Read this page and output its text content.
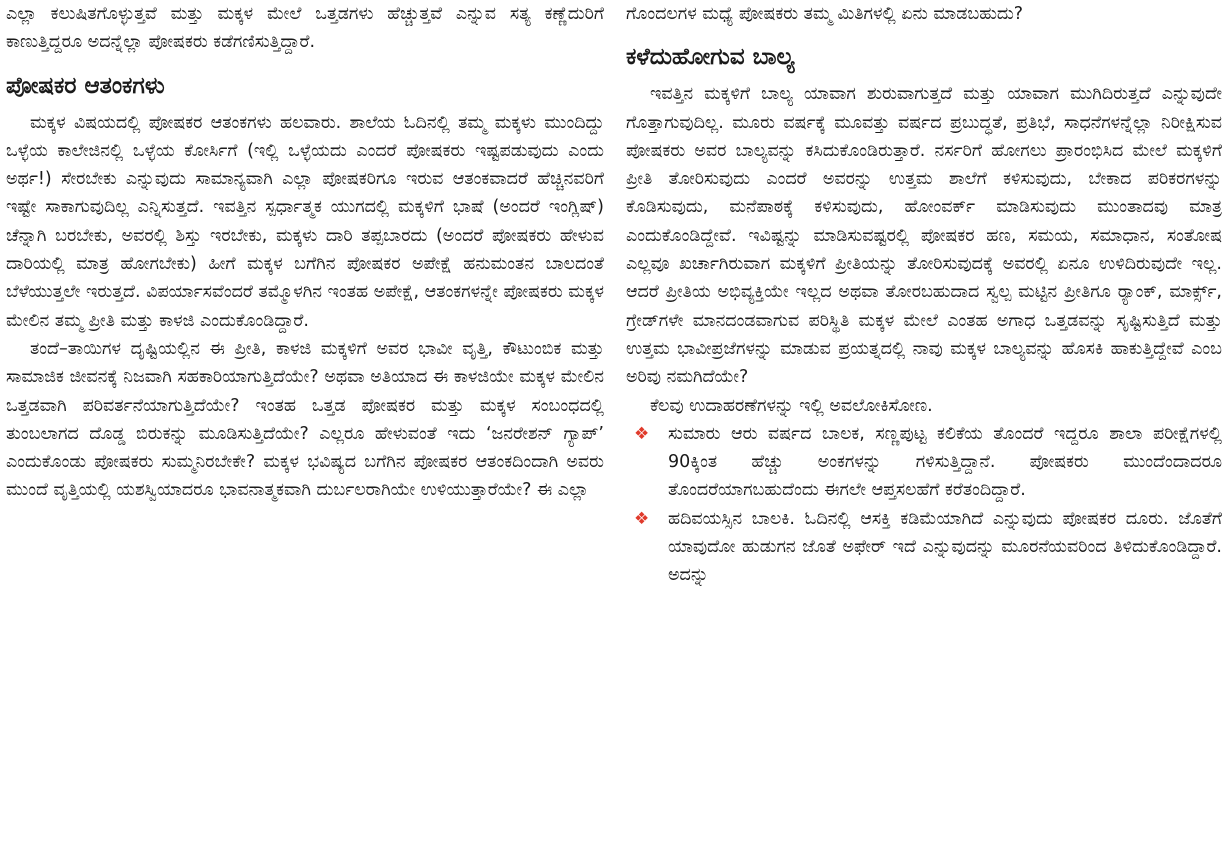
ಎಲ್ಲಾ ಕಲುಷಿತಗೊಳ್ಳುತ್ತವೆ ಮತ್ತು ಮಕ್ಕಳ ಮೇಲೆ ಒತ್ತಡಗಳು ಹೆಚ್ಚುತ್ತವೆ ಎನ್ನುವ ಸತ್ಯ ಕಣ್ಣೆದುರಿಗೆ ಕಾಣುತ್ತಿದ್ದರೂ ಅದನ್ನೆಲ್ಲಾ ಪೋಷಕರು ಕಡೆಗಣಿಸುತ್ತಿದ್ದಾರೆ.

ಪೋಷಕರ ಆತಂಕಗಳು

ಮಕ್ಕಳ ವಿಷಯದಲ್ಲಿ ಪೋಷಕರ ಆತಂಕಗಳು ಹಲವಾರು. ಶಾಲೆಯ ಓದಿನಲ್ಲಿ ತಮ್ಮ ಮಕ್ಕಳು ಮುಂದಿದ್ದು ಒಳ್ಳೆಯ ಕಾಲೇಜಿನಲ್ಲಿ ಒಳ್ಳೆಯ ಕೋರ್ಸಿಗೆ (ಇಲ್ಲಿ ಒಳ್ಳೆಯದು ಎಂದರೆ ಪೋಷಕರು ಇಷ್ಟಪಡುವುದು ಎಂದು ಅರ್ಥ!) ಸೇರಬೇಕು ಎನ್ನುವುದು ಸಾಮಾನ್ಯವಾಗಿ ಎಲ್ಲಾ ಪೋಷಕರಿಗೂ ಇರುವ ಆತಂಕವಾದರೆ ಹೆಚ್ಚಿನವರಿಗೆ ಇಷ್ಟೇ ಸಾಕಾಗುವುದಿಲ್ಲ ಎನ್ನಿಸುತ್ತದೆ. ಇವತ್ತಿನ ಸ್ಪರ್ಧಾತ್ಮಕ ಯುಗದಲ್ಲಿ ಮಕ್ಕಳಿಗೆ ಭಾಷೆ (ಅಂದರೆ ಇಂಗ್ಲಿಷ್) ಚೆನ್ನಾಗಿ ಬರಬೇಕು, ಅವರಲ್ಲಿ ಶಿಸ್ತು ಇರಬೇಕು, ಮಕ್ಕಳು ದಾರಿ ತಪ್ಪಬಾರದು (ಅಂದರೆ ಪೋಷಕರು ಹೇಳುವ ದಾರಿಯಲ್ಲಿ ಮಾತ್ರ ಹೋಗಬೇಕು) ಹೀಗೆ ಮಕ್ಕಳ ಬಗೆಗಿನ ಪೋಷಕರ ಅಪೇಕ್ಷೆ ಹನುಮಂತನ ಬಾಲದಂತೆ ಬೆಳೆಯುತ್ತಲೇ ಇರುತ್ತದೆ. ವಿಪರ್ಯಾಸವೆಂದರೆ ತಮ್ಮೊಳಗಿನ ಇಂತಹ ಅಪೇಕ್ಷೆ, ಆತಂಕಗಳನ್ನೇ ಪೋಷಕರು ಮಕ್ಕಳ ಮೇಲಿನ ತಮ್ಮ ಪ್ರೀತಿ ಮತ್ತು ಕಾಳಜಿ ಎಂದುಕೊಂಡಿದ್ದಾರೆ.

ತಂದೆ–ತಾಯಿಗಳ ದೃಷ್ಟಿಯಲ್ಲಿನ ಈ ಪ್ರೀತಿ, ಕಾಳಜಿ ಮಕ್ಕಳಿಗೆ ಅವರ ಭಾವೀ ವೃತ್ತಿ, ಕೌಟುಂಬಿಕ ಮತ್ತು ಸಾಮಾಜಿಕ ಜೀವನಕ್ಕೆ ನಿಜವಾಗಿ ಸಹಕಾರಿಯಾಗುತ್ತಿದೆಯೇ? ಅಥವಾ ಅತಿಯಾದ ಈ ಕಾಳಜಿಯೇ ಮಕ್ಕಳ ಮೇಲಿನ ಒತ್ತಡವಾಗಿ ಪರಿವರ್ತನೆಯಾಗುತ್ತಿದೆಯೇ? ಇಂತಹ ಒತ್ತಡ ಪೋಷಕರ ಮತ್ತು ಮಕ್ಕಳ ಸಂಬಂಧದಲ್ಲಿ ತುಂಬಲಾಗದ ದೊಡ್ಡ ಬಿರುಕನ್ನು ಮೂಡಿಸುತ್ತಿದೆಯೇ? ಎಲ್ಲರೂ ಹೇಳುವಂತೆ ಇದು ‘ಜನರೇಶನ್ ಗ್ಯಾಪ್’ ಎಂದುಕೊಂಡು ಪೋಷಕರು ಸುಮ್ಮನಿರಬೇಕೇ? ಮಕ್ಕಳ ಭವಿಷ್ಯದ ಬಗೆಗಿನ ಪೋಷಕರ ಆತಂಕದಿಂದಾಗಿ ಅವರು ಮುಂದೆ ವೃತ್ತಿಯಲ್ಲಿ ಯಶಸ್ವಿಯಾದರೂ ಭಾವನಾತ್ಮಕವಾಗಿ ದುರ್ಬಲರಾಗಿಯೇ ಉಳಿಯುತ್ತಾರೆಯೇ? ಈ ಎಲ್ಲಾ

ಗೊಂದಲಗಳ ಮಧ್ಯೆ ಪೋಷಕರು ತಮ್ಮ ಮಿತಿಗಳಲ್ಲಿ ಏನು ಮಾಡಬಹುದು?

ಕಳೆದುಹೋಗುವ ಬಾಲ್ಯ

ಇವತ್ತಿನ ಮಕ್ಕಳಿಗೆ ಬಾಲ್ಯ ಯಾವಾಗ ಶುರುವಾಗುತ್ತದೆ ಮತ್ತು ಯಾವಾಗ ಮುಗಿದಿರುತ್ತದೆ ಎನ್ನುವುದೇ ಗೊತ್ತಾಗುವುದಿಲ್ಲ. ಮೂರು ವರ್ಷಕ್ಕೆ ಮೂವತ್ತು ವರ್ಷದ ಪ್ರಬುದ್ಧತೆ, ಪ್ರತಿಭೆ, ಸಾಧನೆಗಳನ್ನೆಲ್ಲಾ ನಿರೀಕ್ಷಿಸುವ ಪೋಷಕರು ಅವರ ಬಾಲ್ಯವನ್ನು ಕಸಿದುಕೊಂಡಿರುತ್ತಾರೆ. ನರ್ಸರಿಗೆ ಹೋಗಲು ಪ್ರಾರಂಭಿಸಿದ ಮೇಲೆ ಮಕ್ಕಳಿಗೆ ಪ್ರೀತಿ ತೋರಿಸುವುದು ಎಂದರೆ ಅವರನ್ನು ಉತ್ತಮ ಶಾಲೆಗೆ ಕಳಿಸುವುದು, ಬೇಕಾದ ಪರಿಕರಗಳನ್ನು ಕೊಡಿಸುವುದು, ಮನೆಪಾಠಕ್ಕೆ ಕಳಿಸುವುದು, ಹೋಂವರ್ಕ್ ಮಾಡಿಸುವುದು ಮುಂತಾದವು ಮಾತ್ರ ಎಂದುಕೊಂಡಿದ್ದೇವೆ. ಇವಿಷ್ಟನ್ನು ಮಾಡಿಸುವಷ್ಟರಲ್ಲಿ ಪೋಷಕರ ಹಣ, ಸಮಯ, ಸಮಾಧಾನ, ಸಂತೋಷ ಎಲ್ಲವೂ ಖರ್ಚಾಗಿರುವಾಗ ಮಕ್ಕಳಿಗೆ ಪ್ರೀತಿಯನ್ನು ತೋರಿಸುವುದಕ್ಕೆ ಅವರಲ್ಲಿ ಏನೂ ಉಳಿದಿರುವುದೇ ಇಲ್ಲ. ಆದರೆ ಪ್ರೀತಿಯ ಅಭಿವ್ಯಕ್ತಿಯೇ ಇಲ್ಲದ ಅಥವಾ ತೋರಬಹುದಾದ ಸ್ವಲ್ಪ ಮಟ್ಟಿನ ಪ್ರೀತಿಗೂ ರ್‍ಯಾಂಕ್, ಮಾರ್ಕ್ಸ್, ಗ್ರೇಡ್‌ಗಳೇ ಮಾನದಂಡವಾಗುವ ಪರಿಸ್ಥಿತಿ ಮಕ್ಕಳ ಮೇಲೆ ಎಂತಹ ಅಗಾಧ ಒತ್ತಡವನ್ನು ಸೃಷ್ಟಿಸುತ್ತಿದೆ ಮತ್ತು ಉತ್ತಮ ಭಾವೀಪ್ರಜೆಗಳನ್ನು ಮಾಡುವ ಪ್ರಯತ್ನದಲ್ಲಿ ನಾವು ಮಕ್ಕಳ ಬಾಲ್ಯವನ್ನು ಹೊಸಕಿ ಹಾಕುತ್ತಿದ್ದೇವೆ ಎಂಬ ಅರಿವು ನಮಗಿದೆಯೇ?

ಕೆಲವು ಉದಾಹರಣೆಗಳನ್ನು ಇಲ್ಲಿ ಅವಲೋಕಿಸೋಣ.

❖ ಸುಮಾರು ಆರು ವರ್ಷದ ಬಾಲಕ, ಸಣ್ಣಪುಟ್ಟ ಕಲಿಕೆಯ ತೊಂದರೆ ಇದ್ದರೂ ಶಾಲಾ ಪರೀಕ್ಷೆಗಳಲ್ಲಿ 90ಕ್ಕಿಂತ ಹೆಚ್ಚು ಅಂಕಗಳನ್ನು ಗಳಿಸುತ್ತಿದ್ದಾನೆ. ಪೋಷಕರು ಮುಂದೆಂದಾದರೂ ತೊಂದರೆಯಾಗಬಹುದೆಂದು ಈಗಲೇ ಆಪ್ತಸಲಹೆಗೆ ಕರೆತಂದಿದ್ದಾರೆ.
❖ ಹದಿವಯಸ್ಸಿನ ಬಾಲಕಿ. ಓದಿನಲ್ಲಿ ಆಸಕ್ತಿ ಕಡಿಮೆಯಾಗಿದೆ ಎನ್ನುವುದು ಪೋಷಕರ ದೂರು. ಜೊತೆಗೆ ಯಾವುದೋ ಹುಡುಗನ ಜೊತೆ ಅಫೇರ್ ಇದೆ ಎನ್ನುವುದನ್ನು ಮೂರನೆಯವರಿಂದ ತಿಳಿದುಕೊಂಡಿದ್ದಾರೆ. ಅದನ್ನು
